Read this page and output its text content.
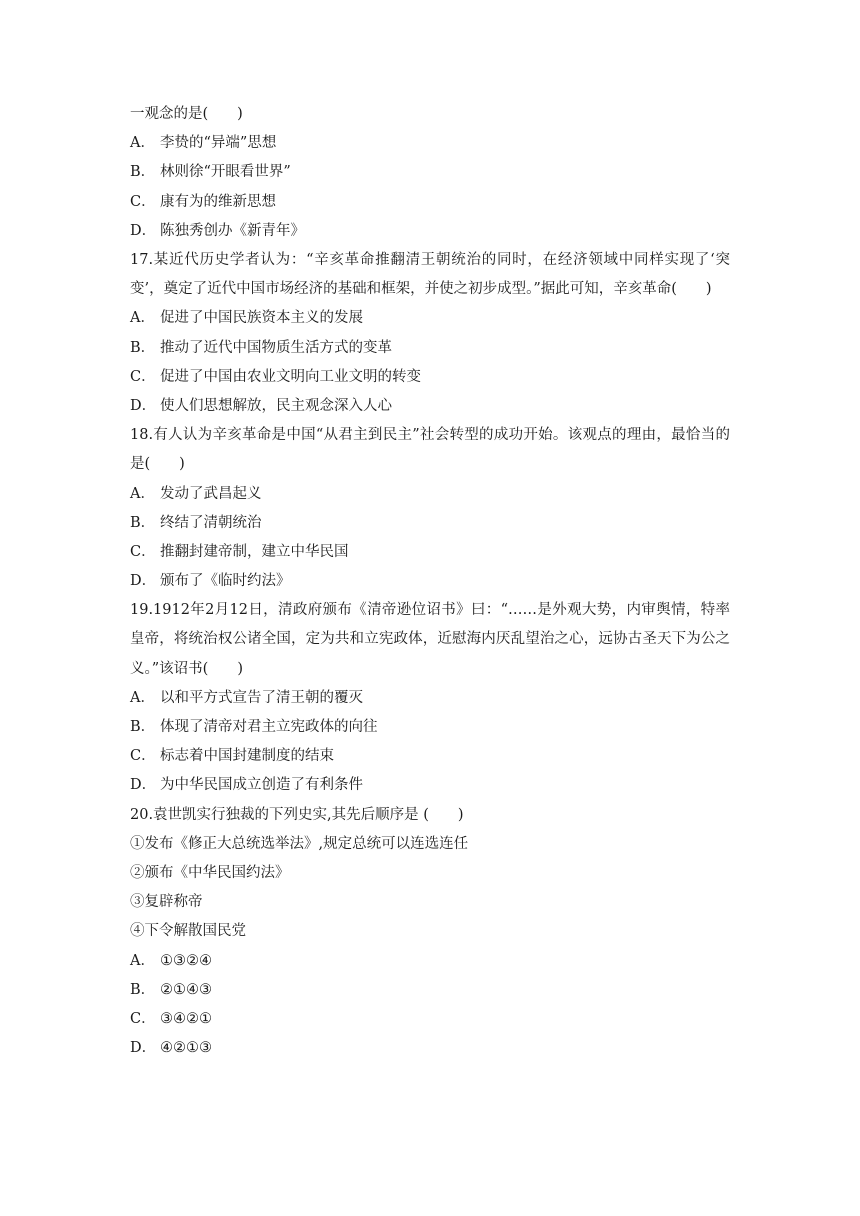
一观念的是(　　)
A． 李贽的“异端”思想
B． 林则徐“开眼看世界”
C． 康有为的维新思想
D． 陈独秀创办《新青年》
17.某近代历史学者认为：“辛亥革命推翻清王朝统治的同时，在经济领域中同样实现了‘突变’，奠定了近代中国市场经济的基础和框架，并使之初步成型。”据此可知，辛亥革命(　　)
A． 促进了中国民族资本主义的发展
B． 推动了近代中国物质生活方式的变革
C． 促进了中国由农业文明向工业文明的转变
D． 使人们思想解放，民主观念深入人心
18.有人认为辛亥革命是中国“从君主到民主”社会转型的成功开始。该观点的理由，最恰当的是(　　)
A． 发动了武昌起义
B． 终结了清朝统治
C． 推翻封建帝制，建立中华民国
D． 颁布了《临时约法》
19.1912年2月12日，清政府颁布《清帝逊位诏书》曰：“……是外观大势，内审舆情，特率皇帝，将统治权公诸全国，定为共和立宪政体，近慰海内厌乱望治之心，远协古圣天下为公之义。”该诏书(　　)
A． 以和平方式宣告了清王朝的覆灭
B． 体现了清帝对君主立宪政体的向往
C． 标志着中国封建制度的结束
D． 为中华民国成立创造了有利条件
20.袁世凯实行独裁的下列史实,其先后顺序是 (　　)
①发布《修正大总统选举法》,规定总统可以连选连任
②颁布《中华民国约法》
③复辟称帝
④下令解散国民党
A． ①③②④
B． ②①④③
C． ③④②①
D． ④②①③
